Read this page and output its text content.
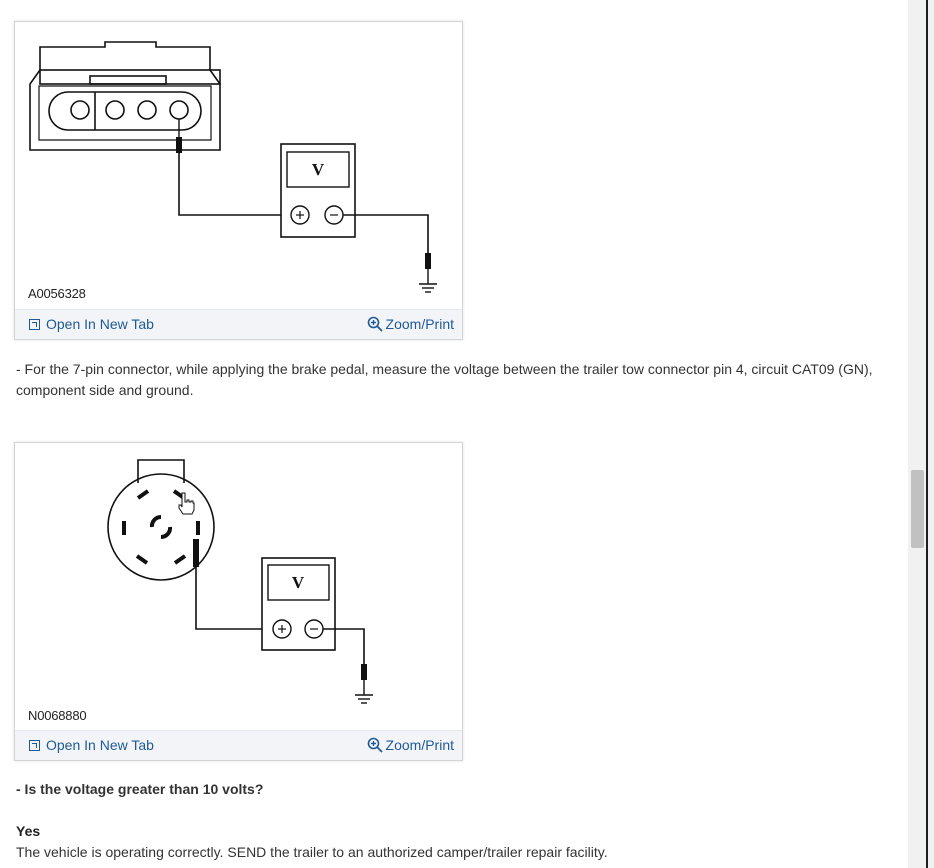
V
A0056328
Open In New Tab	Zoom/Print
- For the 7-pin connector, while applying the brake pedal, measure the voltage between the trailer tow connector pin 4, circuit CAT09 (GN), component side and ground.
V
N0068880
Open In New Tab	Zoom/Print
- Is the voltage greater than 10 volts?
Yes
The vehicle is operating correctly. SEND the trailer to an authorized camper/trailer repair facility.
